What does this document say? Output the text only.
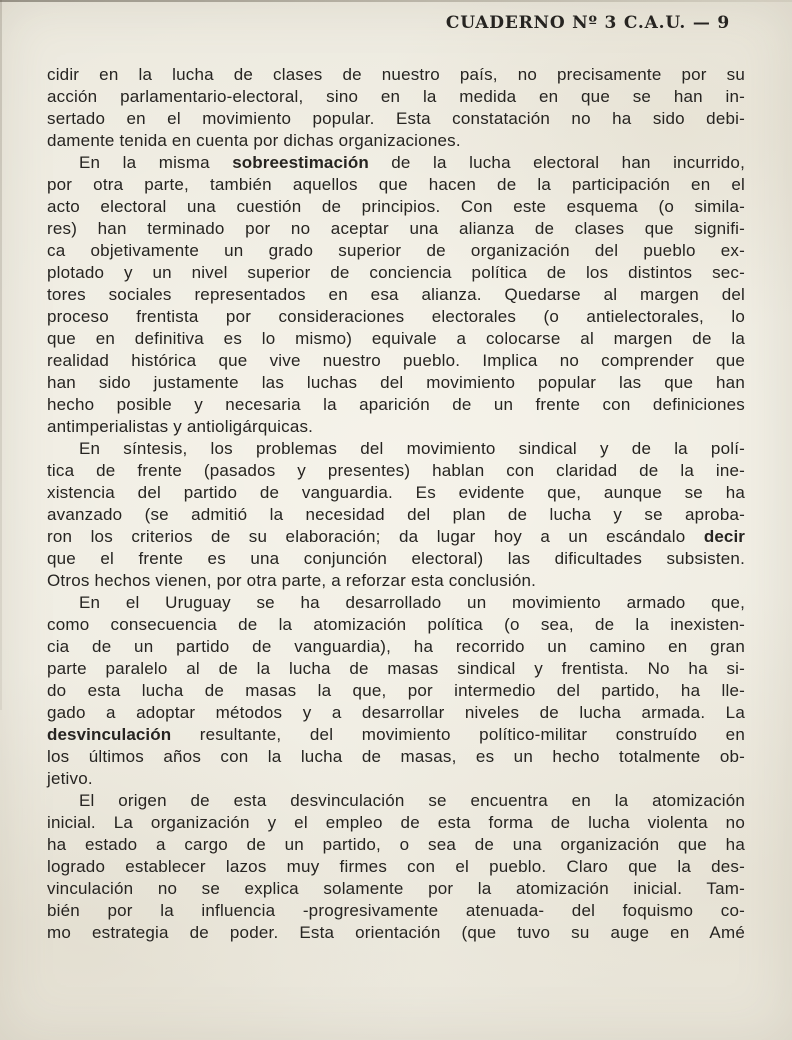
cidir en la lucha de clases de nuestro país, no precisamente por su
acción parlamentario-electoral, sino en la medida en que se han in-
sertado en el movimiento popular. Esta constatación no ha sido debi-
damente tenida en cuenta por dichas organizaciones.
En la misma sobreestimación de la lucha electoral han incurrido,
por otra parte, también aquellos que hacen de la participación en el
acto electoral una cuestión de principios. Con este esquema (o simila-
res) han terminado por no aceptar una alianza de clases que signifi-
ca objetivamente un grado superior de organización del pueblo ex-
plotado y un nivel superior de conciencia política de los distintos sec-
tores sociales representados en esa alianza. Quedarse al margen del
proceso frentista por consideraciones electorales (o antielectorales, lo
que en definitiva es lo mismo) equivale a colocarse al margen de la
realidad histórica que vive nuestro pueblo. Implica no comprender que
han sido justamente las luchas del movimiento popular las que han
hecho posible y necesaria la aparición de un frente con definiciones
antimperialistas y antioligárquicas.
En síntesis, los problemas del movimiento sindical y de la polí-
tica de frente (pasados y presentes) hablan con claridad de la ine-
xistencia del partido de vanguardia. Es evidente que, aunque se ha
avanzado (se admitió la necesidad del plan de lucha y se aproba-
ron los criterios de su elaboración; da lugar hoy a un escándalo decir
que el frente es una conjunción electoral) las dificultades subsisten.
Otros hechos vienen, por otra parte, a reforzar esta conclusión.
En el Uruguay se ha desarrollado un movimiento armado que,
como consecuencia de la atomización política (o sea, de la inexisten-
cia de un partido de vanguardia), ha recorrido un camino en gran
parte paralelo al de la lucha de masas sindical y frentista. No ha si-
do esta lucha de masas la que, por intermedio del partido, ha lle-
gado a adoptar métodos y a desarrollar niveles de lucha armada. La
desvinculación resultante, del movimiento político-militar construído en
los últimos años con la lucha de masas, es un hecho totalmente ob-
jetivo.
El origen de esta desvinculación se encuentra en la atomización
inicial. La organización y el empleo de esta forma de lucha violenta no
ha estado a cargo de un partido, o sea de una organización que ha
logrado establecer lazos muy firmes con el pueblo. Claro que la des-
vinculación no se explica solamente por la atomización inicial. Tam-
bién por la influencia -progresivamente atenuada- del foquismo co-
mo estrategia de poder. Esta orientación (que tuvo su auge en Amé
CUADERNO Nº 3 C.A.U. — 9
